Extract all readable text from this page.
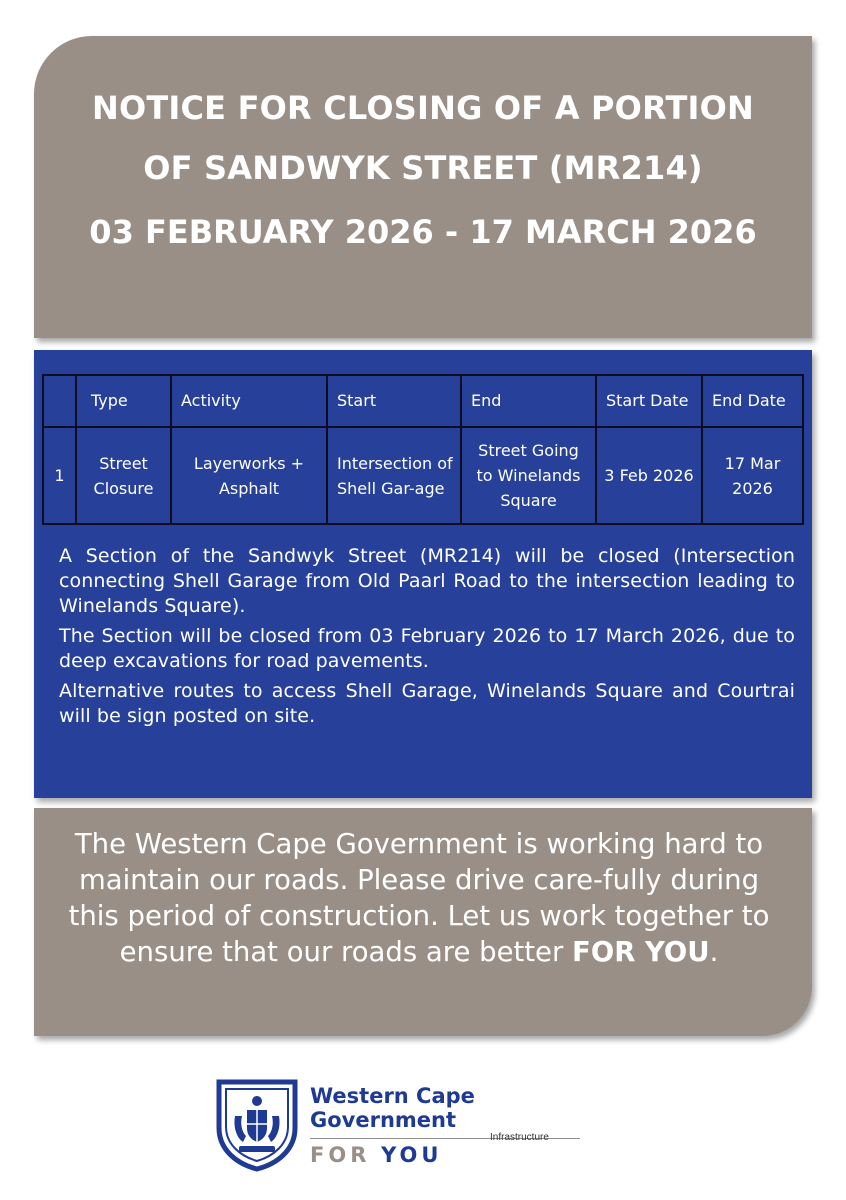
NOTICE FOR CLOSING OF A PORTION
OF SANDWYK STREET (MR214)
03 FEBRUARY 2026 - 17 MARCH 2026
	Type	Activity	Start	End	Start Date	End Date
1	Street Closure	Layerworks + Asphalt	Intersection of Shell Gar-age	Street Going to Winelands Square	3 Feb 2026	17 Mar 2026

A Section of the Sandwyk Street (MR214) will be closed (Intersection connecting Shell Garage from Old Paarl Road to the intersection leading to Winelands Square).

The Section will be closed from 03 February 2026 to 17 March 2026, due to deep excavations for road pavements.

Alternative routes to access Shell Garage, Winelands Square and Courtrai will be sign posted on site.

The Western Cape Government is working hard to maintain our roads. Please drive care-fully during this period of construction. Let us work together to ensure that our roads are better FOR YOU.
Western Cape
Government
Infrastructure
FOR YOU
